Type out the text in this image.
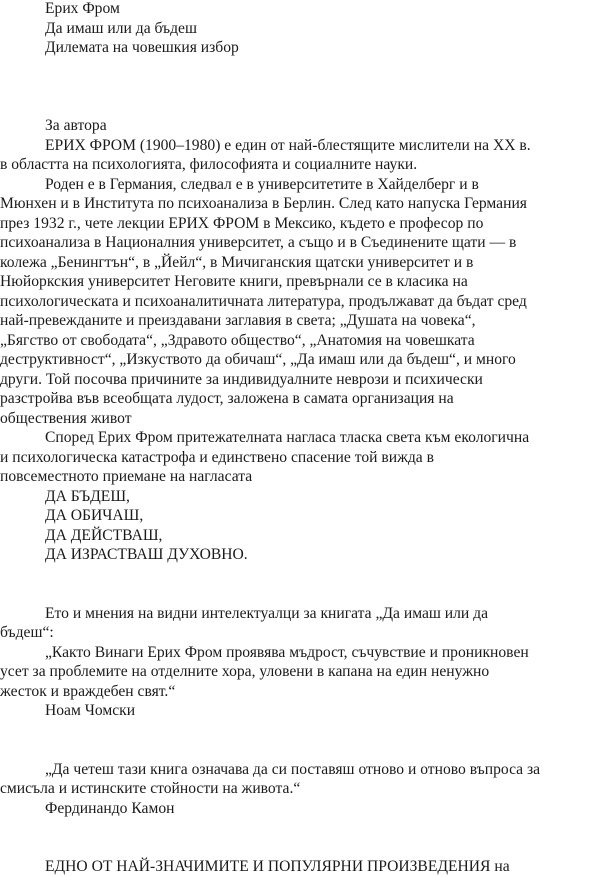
Ерих Фром
Да имаш или да бъдеш
Дилемата на човешкия избор
За автора
ЕРИХ ФРОМ (1900–1980) е един от най-блестящите мислители на XX в.
в областта на психологията, философията и социалните науки.
Роден е в Германия, следвал е в университетите в Хайделберг и в
Мюнхен и в Института по психоанализа в Берлин. След като напуска Германия
през 1932 г., чете лекции ЕРИХ ФРОМ в Мексико, където е професор по
психоанализа в Националния университет, а също и в Съединените щати — в
колежа „Бенингтън“, в „Йейл“, в Мичиганския щатски университет и в
Нюйоркския университет Неговите книги, превърнали се в класика на
психологическата и психоаналитичната литература, продължават да бъдат сред
най-превежданите и преиздавани заглавия в света; „Душата на човека“,
„Бягство от свободата“, „Здравото общество“, „Анатомия на човешката
деструктивност“, „Изкуството да обичаш“, „Да имаш или да бъдеш“, и много
други. Той посочва причините за индивидуалните неврози и психически
разстройва във всеобщата лудост, заложена в самата организация на
обществения живот
Според Ерих Фром притежателната нагласа тласка света към екологична
и психологическа катастрофа и единствено спасение той вижда в
повсеместното приемане на нагласата
ДА БЪДЕШ,
ДА ОБИЧАШ,
ДА ДЕЙСТВАШ,
ДА ИЗРАСТВАШ ДУХОВНО.
Ето и мнения на видни интелектуалци за книгата „Да имаш или да
бъдеш“:
„Както Винаги Ерих Фром проявява мъдрост, съчувствие и проникновен
усет за проблемите на отделните хора, уловени в капана на един ненужно
жесток и враждебен свят.“
Ноам Чомски
„Да четеш тази книга означава да си поставяш отново и отново въпроса за
смисъла и истинските стойности на живота.“
Фердинандо Камон
ЕДНО ОТ НАЙ-ЗНАЧИМИТЕ И ПОПУЛЯРНИ ПРОИЗВЕДЕНИЯ на
